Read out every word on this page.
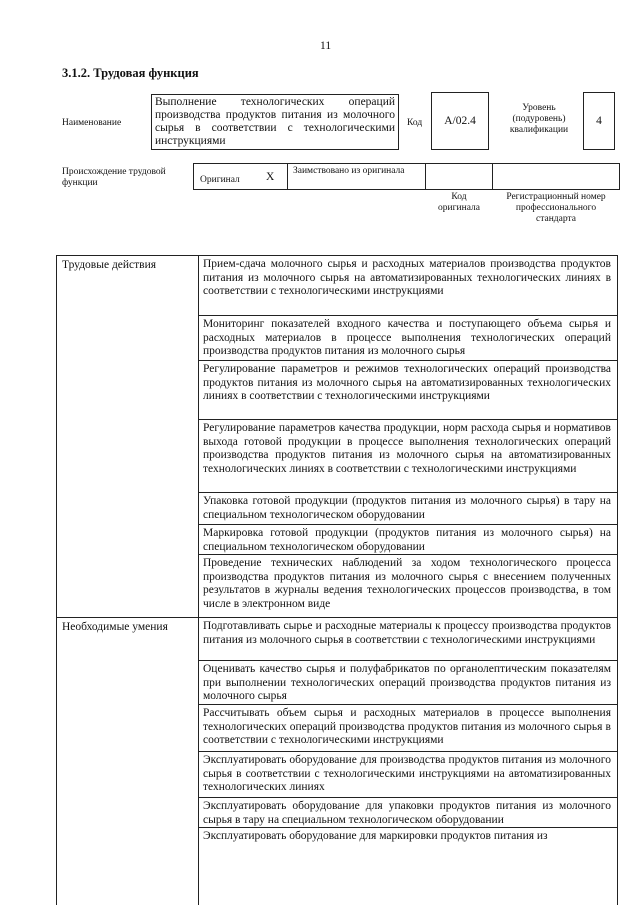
11
3.1.2. Трудовая функция
Наименование
Выполнение технологических операций производства продуктов питания из молочного сырья в соответствии с технологическими инструкциями
Код	A/02.4
Уровень (подуровень) квалификации
4
Происхождение трудовой функции	Оригинал X Заимствовано из оригинала
Код оригинала
Регистрационный номер профессионального стандарта
Трудовые действия
Необходимые умения
Прием-сдача молочного сырья и расходных материалов производства продуктов питания из молочного сырья на автоматизированных технологических линиях в соответствии с технологическими инструкциями
Мониторинг показателей входного качества и поступающего объема сырья и расходных материалов в процессе выполнения технологических операций производства продуктов питания из молочного сырья
Регулирование параметров и режимов технологических операций производства продуктов питания из молочного сырья на автоматизированных технологических линиях в соответствии с технологическими инструкциями
Регулирование параметров качества продукции, норм расхода сырья и нормативов выхода готовой продукции в процессе выполнения технологических операций производства продуктов питания из молочного сырья на автоматизированных технологических линиях в соответствии с технологическими инструкциями
Упаковка готовой продукции (продуктов питания из молочного сырья) в тару на специальном технологическом оборудовании
Маркировка готовой продукции (продуктов питания из молочного сырья) на специальном технологическом оборудовании
Проведение технических наблюдений за ходом технологического процесса производства продуктов питания из молочного сырья с внесением полученных результатов в журналы ведения технологических процессов производства, в том числе в электронном виде
Подготавливать сырье и расходные материалы к процессу производства продуктов питания из молочного сырья в соответствии с технологическими инструкциями
Оценивать качество сырья и полуфабрикатов по органолептическим показателям при выполнении технологических операций производства продуктов питания из молочного сырья
Рассчитывать объем сырья и расходных материалов в процессе выполнения технологических операций производства продуктов питания из молочного сырья в соответствии с технологическими инструкциями
Эксплуатировать оборудование для производства продуктов питания из молочного сырья в соответствии с технологическими инструкциями на автоматизированных технологических линиях
Эксплуатировать оборудование для упаковки продуктов питания из молочного сырья в тару на специальном технологическом оборудовании
Эксплуатировать оборудование для маркировки продуктов питания из
